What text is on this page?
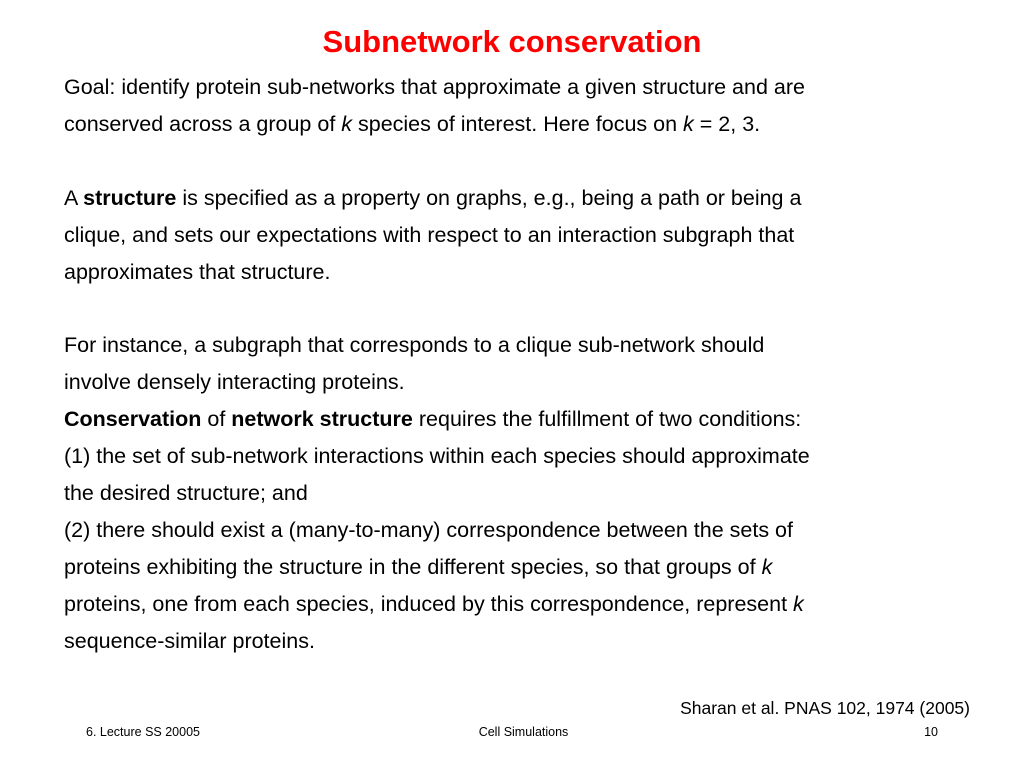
Subnetwork conservation

Goal: identify protein sub-networks that approximate a given structure and are
conserved across a group of k species of interest. Here focus on k = 2, 3.

A structure is specified as a property on graphs, e.g., being a path or being a
clique, and sets our expectations with respect to an interaction subgraph that
approximates that structure.

For instance, a subgraph that corresponds to a clique sub-network should
involve densely interacting proteins.

Conservation of network structure requires the fulfillment of two conditions:
(1) the set of sub-network interactions within each species should approximate
the desired structure; and
(2) there should exist a (many-to-many) correspondence between the sets of
proteins exhibiting the structure in the different species, so that groups of k
proteins, one from each species, induced by this correspondence, represent k
sequence-similar proteins.

Sharan et al. PNAS 102, 1974 (2005)
6. Lecture SS 20005	Cell Simulations	10
